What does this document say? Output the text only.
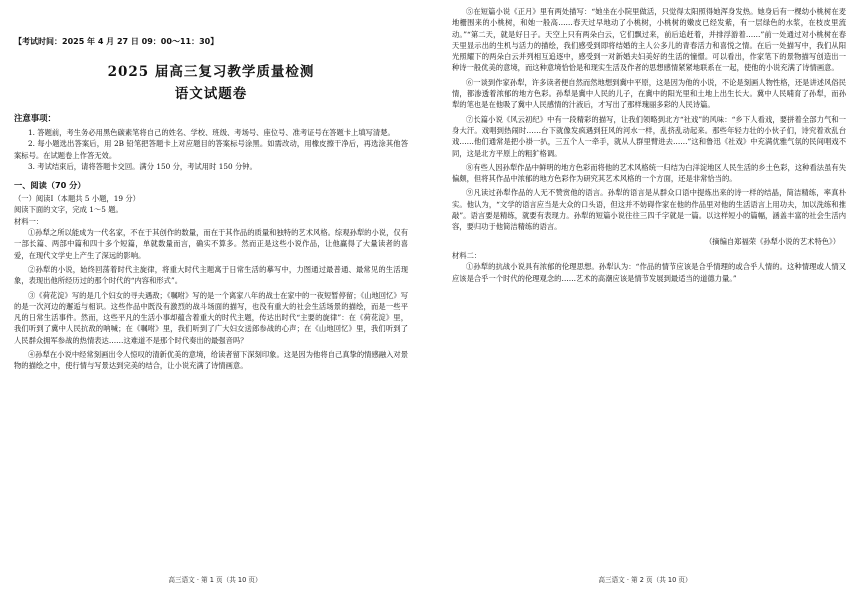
【考试时间：2025 年 4 月 27 日 09：00～11：30】

2025 届高三复习教学质量检测
语文试题卷
注意事项：

1. 答题前，考生务必用黑色碳素笔将自己的姓名、学校、班级、考场号、座位号、准考证号在答题卡上填写清楚。

2. 每小题选出答案后，用 2B 铅笔把答题卡上对应题目的答案标号涂黑。如需改动，用橡皮擦干净后，再选涂其他答案标号。在试题卷上作答无效。

3. 考试结束后，请将答题卡交回。满分 150 分，考试用时 150 分钟。

一、阅读（70 分）

（一）阅读Ⅰ（本题共 5 小题，19 分）

阅读下面的文字，完成 1～5 题。

材料一：

①孙犁之所以能成为一代名家，不在于其创作的数量，而在于其作品的质量和独特的艺术风格。综观孙犁的小说，仅有一部长篇、两部中篇和四十多个短篇，单就数量而言，确实不算多。然而正是这些小说作品，让他赢得了大量读者的喜爱，在现代文学史上产生了深远的影响。

②孙犁的小说，始终回荡着时代主旋律，将重大时代主题寓于日常生活的摹写中，力图通过最普通、最常见的生活现象，表现出他所经历过的那个时代的“内容和形式”。

③《荷花淀》写的是几个妇女的寻夫遇敌；《嘱咐》写的是一个离家八年的战士在家中的一夜短暂停留；《山地回忆》写的是一次河边的邂逅与相识。这些作品中既没有激烈的战斗场面的描写，也没有重大的社会生活场景的描绘，而是一些平凡的日常生活事件。然而，这些平凡的生活小事却蕴含着重大的时代主题，传达出时代“主要的旋律”：在《荷花淀》里，我们听到了冀中人民抗敌的呐喊；在《嘱咐》里，我们听到了广大妇女送郎参战的心声；在《山地回忆》里，我们听到了人民群众拥军参战的热情表达……这难道不是那个时代奏出的最强音吗？

④孙犁在小说中经常刻画出令人惊叹的清新优美的意境，给读者留下深刻印象。这是因为他将自己真挚的情感融入对景物的描绘之中，使行情与写景达到完美的结合，让小说充满了诗情画意。

高三语文 · 第 1 页（共 10 页）

⑤在短篇小说《正月》里有两处描写：“她坐在小院里做活，只觉得太阳照得她浑身发热。她身后有一棵幼小桃树在麦地栅围来的小桃树，和她一般高……春天过早地动了小桃树，小桃树的嫩皮已经发紫，有一层绿色的水浆，在枝皮里流动。”“第二天，就是好日子。天空上只有两朵白云，它们飘过来，前后追赶着，并排浮游着……”前一处通过对小桃树在春天里显示出的生机与活力的描绘，我们感受到即将结婚的主人公多儿的青春活力和喜悦之情。在后一处描写中，我们从阳光照耀下的两朵白云并列相互追逐中，感受到一对新婚夫妇美好的生活的憧憬。可以看出，作家笔下的景物描写创造出一种诗一般优美的意境，而这种意境恰恰是和现实生活及作者的思想感情紧紧地联系在一起，使他的小说充满了诗情画意。

⑥一谈到作家孙犁，许多读者便自然而然地想到冀中平原，这是因为他的小说，不论是刻画人物性格，还是讲述风俗民情，都渗透着浓郁的地方色彩。孙犁是冀中人民的儿子，在冀中的阳光里和土地上出生长大。冀中人民哺育了孙犁，而孙犁的笔也是在他吸了冀中人民感情的汁液后，才写出了那样瑰丽多彩的人民诗篇。

⑦长篇小说《风云初纪》中有一段精彩的描写，让我们领略到北方“社戏”的风味：“乡下人看戏，要拼着全部力气和一身大汗。戏唱到热闹时……台下就像发疯遇到狂风的河水一样，乱挤乱动起来。那些年轻力壮的小伙子们，诗究着欢乱台戏……他们通常是把小褂一扒，三五个人一牵手，就从人群里臂进去……”这和鲁迅《社戏》中充满优雅气氛的民间唱戏不同，这是北方平原上的粗犷格调。

⑧有些人因孙犁作品中鲜明的地方色彩而将他的艺术风格统一归结为白洋淀地区人民生活的乡土色彩，这种看法虽有失偏颇，但将其作品中浓郁的地方色彩作为研究其艺术风格的一个方面，还是非常恰当的。

⑨凡读过孙犁作品的人无不赞赏他的语言。孙犁的语言是从群众口语中提炼出来的诗一样的结晶，简洁精练，率真朴实。他认为，“文学的语言应当是大众的口头语，但这并不妨碍作家在他的作品里对他的生活语言上用功夫，加以洗练和推敲”。语言要是精练，就要有表现力。孙犁的短篇小说往往三四千字就是一篇。以这样短小的篇幅，涵盖丰富的社会生活内容，要归功于他简洁精练的语言。

（摘编自郑福荣《孙犁小说的艺术特色》）

材料二：

①孙犁的抗战小说具有浓郁的伦理思想。孙犁认为：“作品的情节应该是合乎情理的或合乎人情的。这种情理或人情又应该是合乎一个时代的伦理观念的……艺术的高潮应该是情节发展到最适当的道德力量。”

高三语文 · 第 2 页（共 10 页）
